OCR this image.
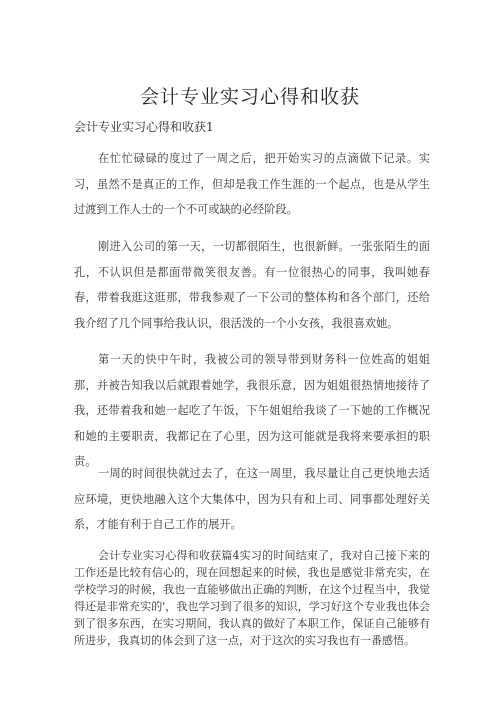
会计专业实习心得和收获
会计专业实习心得和收获1

在忙忙碌碌的度过了一周之后，把开始实习的点滴做下记录。实习，虽然不是真正的工作，但却是我工作生涯的一个起点，也是从学生过渡到工作人士的一个不可或缺的必经阶段。

刚进入公司的第一天，一切都很陌生，也很新鲜。一张张陌生的面孔，不认识但是都面带微笑很友善。有一位很热心的同事，我叫她春春，带着我逛这逛那，带我参观了一下公司的整体构和各个部门，还给我介绍了几个同事给我认识，很活泼的一个小女孩，我很喜欢她。

第一天的快中午时，我被公司的领导带到财务科一位姓高的姐姐那，并被告知我以后就跟着她学，我很乐意，因为姐姐很热情地接待了我，还带着我和她一起吃了午饭，下午姐姐给我谈了一下她的工作概况和她的主要职责，我都记在了心里，因为这可能就是我将来要承担的职责。

一周的时间很快就过去了，在这一周里，我尽量让自己更快地去适应环境，更快地融入这个大集体中，因为只有和上司、同事都处理好关系，才能有利于自己工作的展开。

会计专业实习心得和收获篇4实习的时间结束了，我对自己接下来的工作还是比较有信心的，现在回想起来的时候，我也是感觉非常充实，在学校学习的时候，我也一直能够做出正确的判断，在这个过程当中，我觉得还是非常充实的'，我也学习到了很多的知识，学习好这个专业我也体会到了很多东西，在实习期间，我认真的做好了本职工作，保证自己能够有所进步，我真切的体会到了这一点，对于这次的实习我也有一番感悟。
